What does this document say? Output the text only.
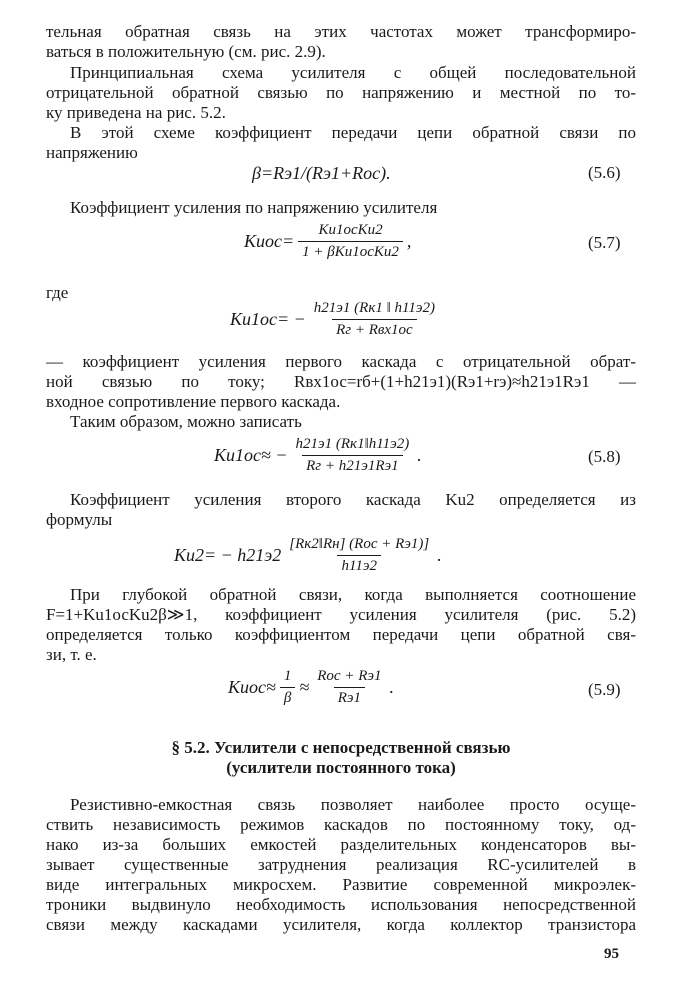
тельная обратная связь на этих частотах может трансформиро-
ваться в положительную (см. рис. 2.9).
Принципиальная схема усилителя с общей последовательной
отрицательной обратной связью по напряжению и местной по то-
ку приведена на рис. 5.2.
В этой схеме коэффициент передачи цепи обратной связи по
напряжению
β=Rэ1/(Rэ1+Rос).	(5.6)
Коэффициент усиления по напряжению усилителя
Kuос= $\frac{\text{Ku1осKu2}}{\text{1 + βKu1осKu2}}$ ,	(5.7)
где
$Ku1ос= - \frac{h21э1 (Rк1 ‖ h11э2)}{\text{Rг + Rвх1ос}}$
— коэффициент усиления первого каскада с отрицательной обрат-
ной связью по току; Rвх1ос=rб+(1+h21э1)(Rэ1+rэ)≈h21э1Rэ1 —
входное сопротивление первого каскада.
Таким образом, можно записать
$Ku1ос\approx - \frac{h21э1 (Rк1‖h11э2)}{Rг + h21э1Rэ1}$ .	(5.8)
Коэффициент усиления второго каскада Ku2 определяется из
формулы
$Ku2= - h21э2 \frac{\text{[Rк2‖Rн] (Rос + Rэ1)]}}{h11э2}$ .
При глубокой обратной связи, когда выполняется соотношение
F=1+Ku1осKu2β≫1, коэффициент усиления усилителя (рис. 5.2)
определяется только коэффициентом передачи цепи обратной свя-
зи, т. е.
Kuос≈ $\frac{1}{\beta} \approx \frac{\text{Rос + Rэ1}}{Rэ1}$ .	(5.9)
§ 5.2. Усилители с непосредственной связью
(усилители постоянного тока)
Резистивно-емкостная связь позволяет наиболее просто осуще-
ствить независимость режимов каскадов по постоянному току, од-
нако из-за больших емкостей разделительных конденсаторов вы-
зывает существенные затруднения реализация RC-усилителей в
виде интегральных микросхем. Развитие современной микроэлек-
троники выдвинуло необходимость использования непосредственной
связи между каскадами усилителя, когда коллектор транзистора
95
